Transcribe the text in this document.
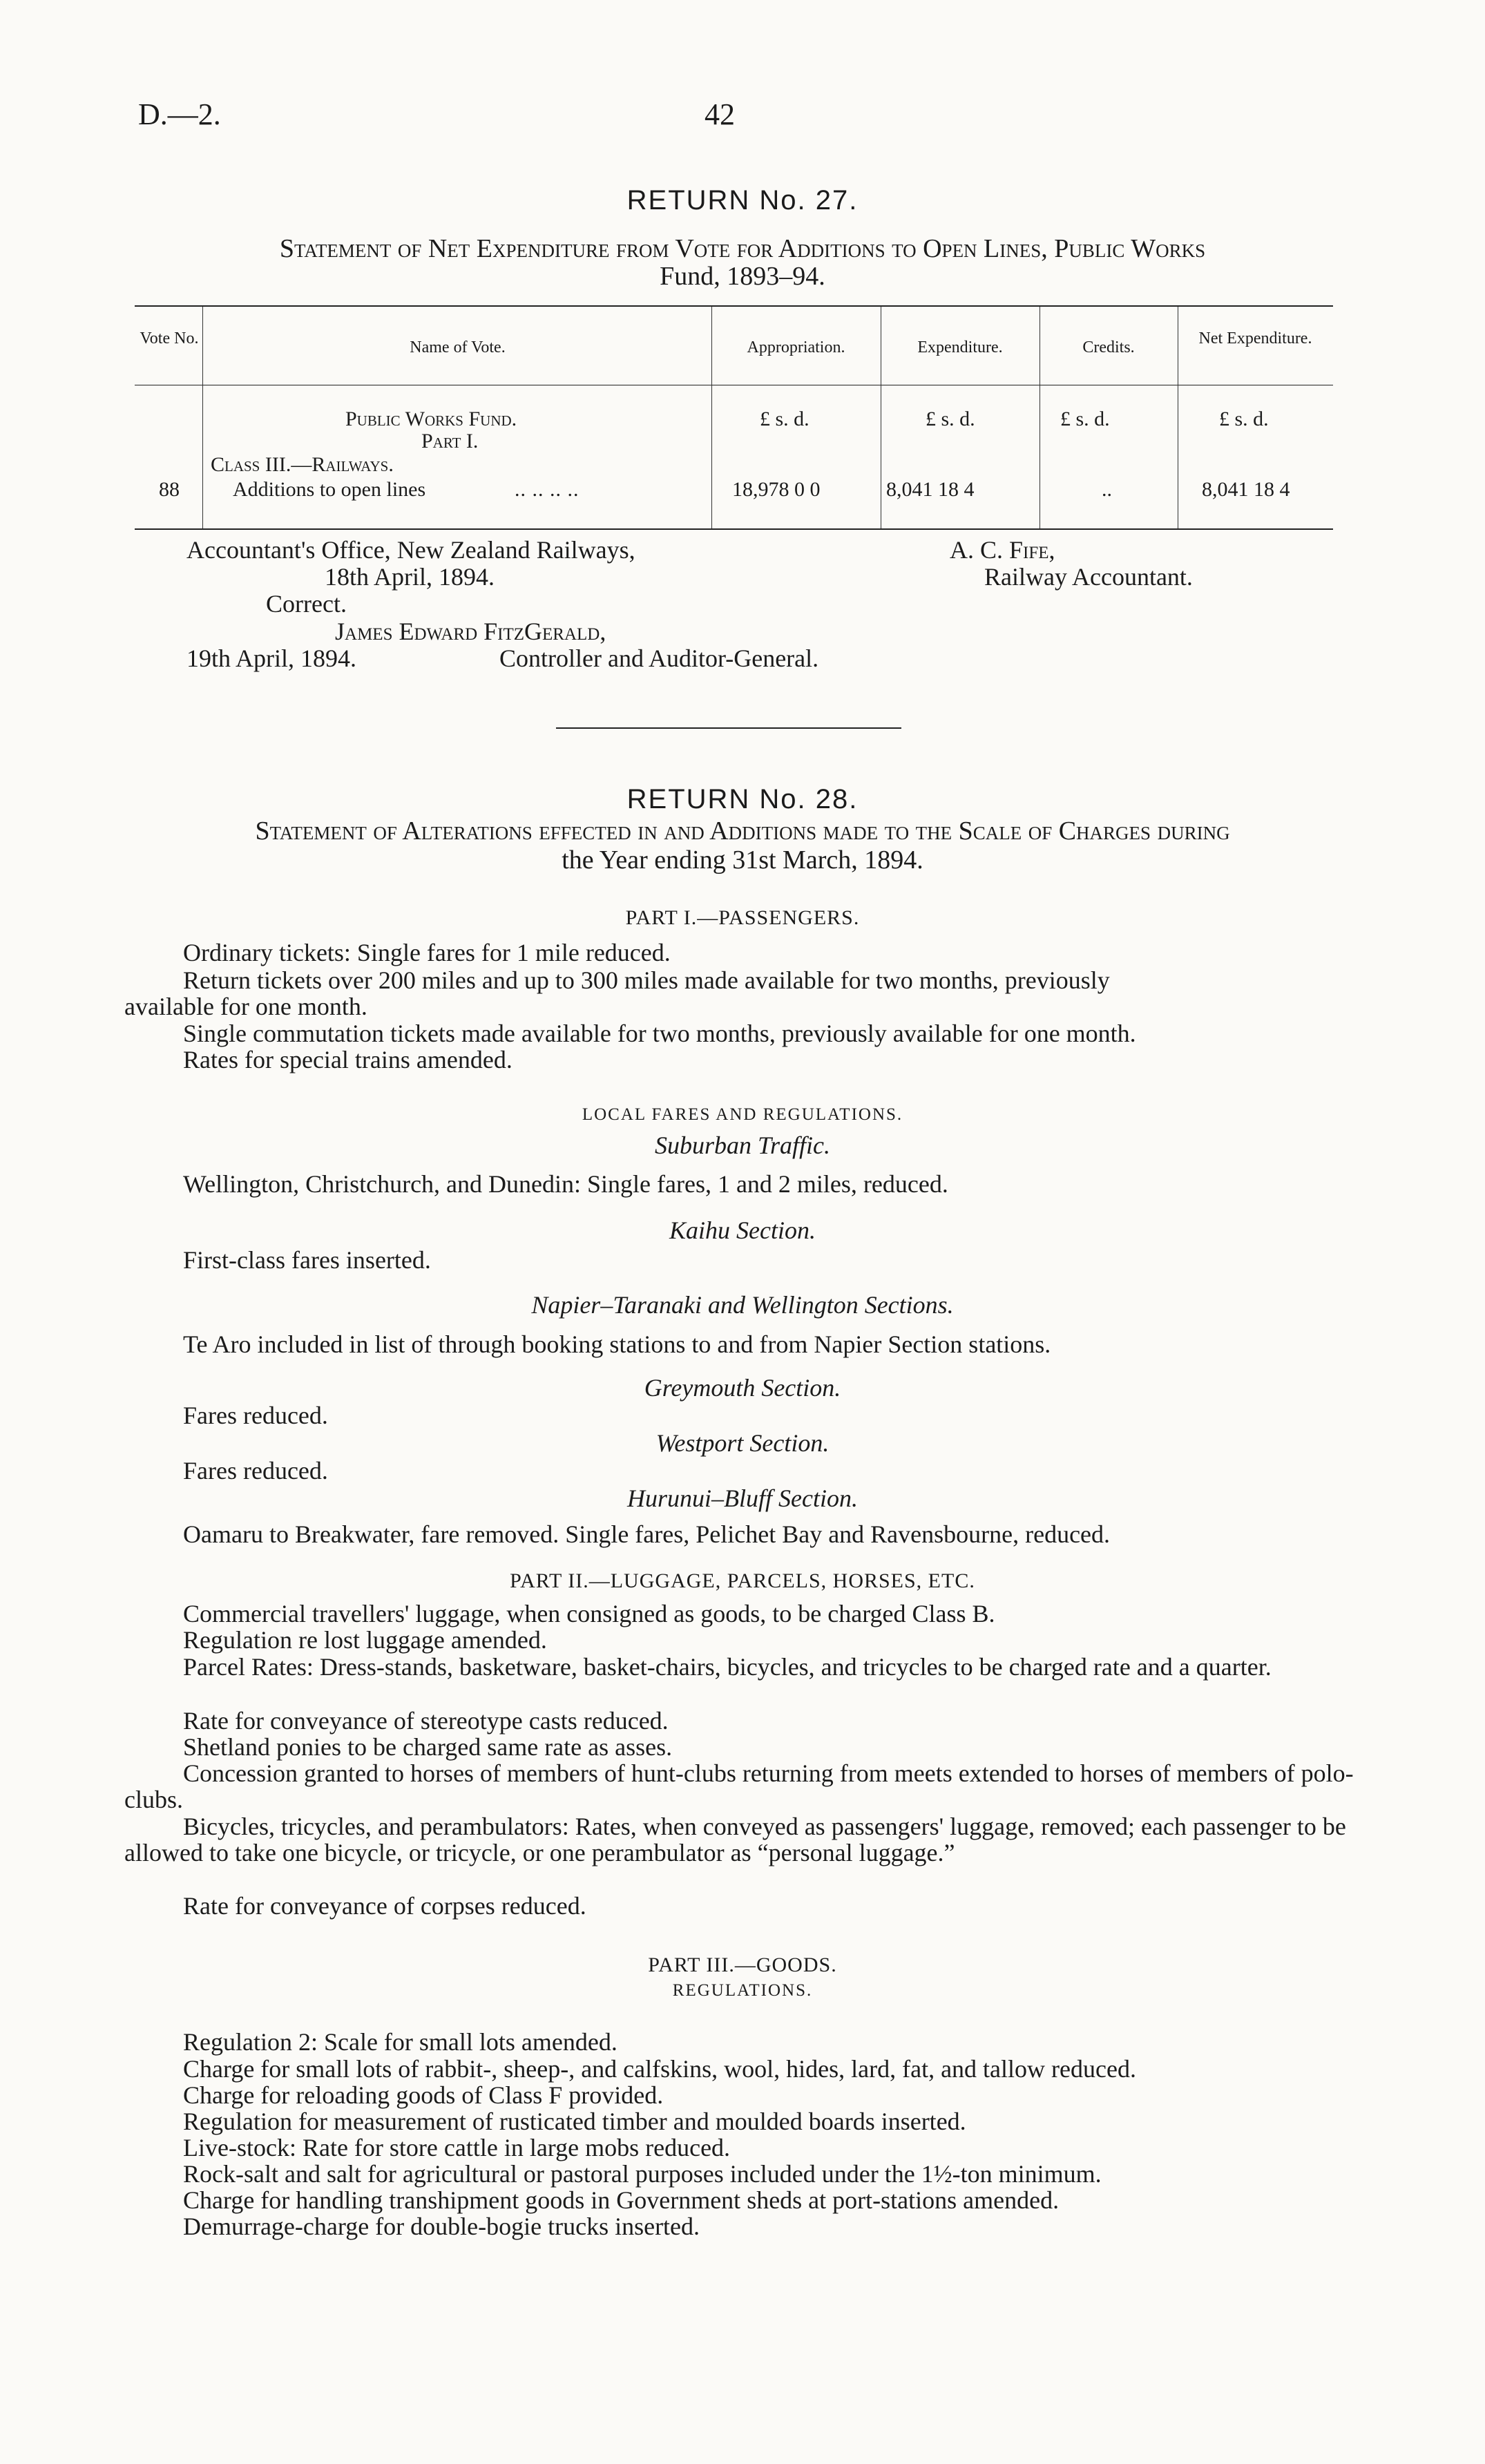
D.—2.	42
RETURN No. 27.
Statement of Net Expenditure from Vote for Additions to Open Lines, Public Works
Fund, 1893–94.
Vote No.	Name of Vote.	Appropriation.	Expenditure.	Credits.	Net Expenditure.
£ s. d.	£ s. d.	£ s. d.	£ s. d.
Public Works Fund.
Part I.
Class III.—Railways.
88	Additions to open lines	.. .. .. ..	18,978 0 0	8,041 18 4	..	8,041 18 4
Accountant's Office, New Zealand Railways,
18th April, 1894.
A. C. Fife,
Railway Accountant.
Correct.
James Edward FitzGerald,
19th April, 1894.	Controller and Auditor-General.
RETURN No. 28.
Statement of Alterations effected in and Additions made to the Scale of Charges during
the Year ending 31st March, 1894.
PART I.—PASSENGERS.
Ordinary tickets: Single fares for 1 mile reduced.
Return tickets over 200 miles and up to 300 miles made available for two months, previously
available for one month.
Single commutation tickets made available for two months, previously available for one month.
Rates for special trains amended.
LOCAL FARES AND REGULATIONS.
Suburban Traffic.
Wellington, Christchurch, and Dunedin: Single fares, 1 and 2 miles, reduced.
Kaihu Section.
First-class fares inserted.
Napier–Taranaki and Wellington Sections.
Te Aro included in list of through booking stations to and from Napier Section stations.
Greymouth Section.
Fares reduced.
Westport Section.
Fares reduced.
Hurunui–Bluff Section.
Oamaru to Breakwater, fare removed. Single fares, Pelichet Bay and Ravensbourne, reduced.
PART II.—LUGGAGE, PARCELS, HORSES, ETC.
Commercial travellers' luggage, when consigned as goods, to be charged Class B.
Regulation re lost luggage amended.
Parcel Rates: Dress-stands, basketware, basket-chairs, bicycles, and tricycles to be charged rate and a quarter.
Rate for conveyance of stereotype casts reduced.
Shetland ponies to be charged same rate as asses.
Concession granted to horses of members of hunt-clubs returning from meets extended to horses of members of polo-clubs.
Bicycles, tricycles, and perambulators: Rates, when conveyed as passengers' luggage, removed; each passenger to be allowed to take one bicycle, or tricycle, or one perambulator as “personal luggage.”
Rate for conveyance of corpses reduced.
PART III.—GOODS.
REGULATIONS.
Regulation 2: Scale for small lots amended.
Charge for small lots of rabbit-, sheep-, and calfskins, wool, hides, lard, fat, and tallow reduced.
Charge for reloading goods of Class F provided.
Regulation for measurement of rusticated timber and moulded boards inserted.
Live-stock: Rate for store cattle in large mobs reduced.
Rock-salt and salt for agricultural or pastoral purposes included under the 1½-ton minimum.
Charge for handling transhipment goods in Government sheds at port-stations amended.
Demurrage-charge for double-bogie trucks inserted.
